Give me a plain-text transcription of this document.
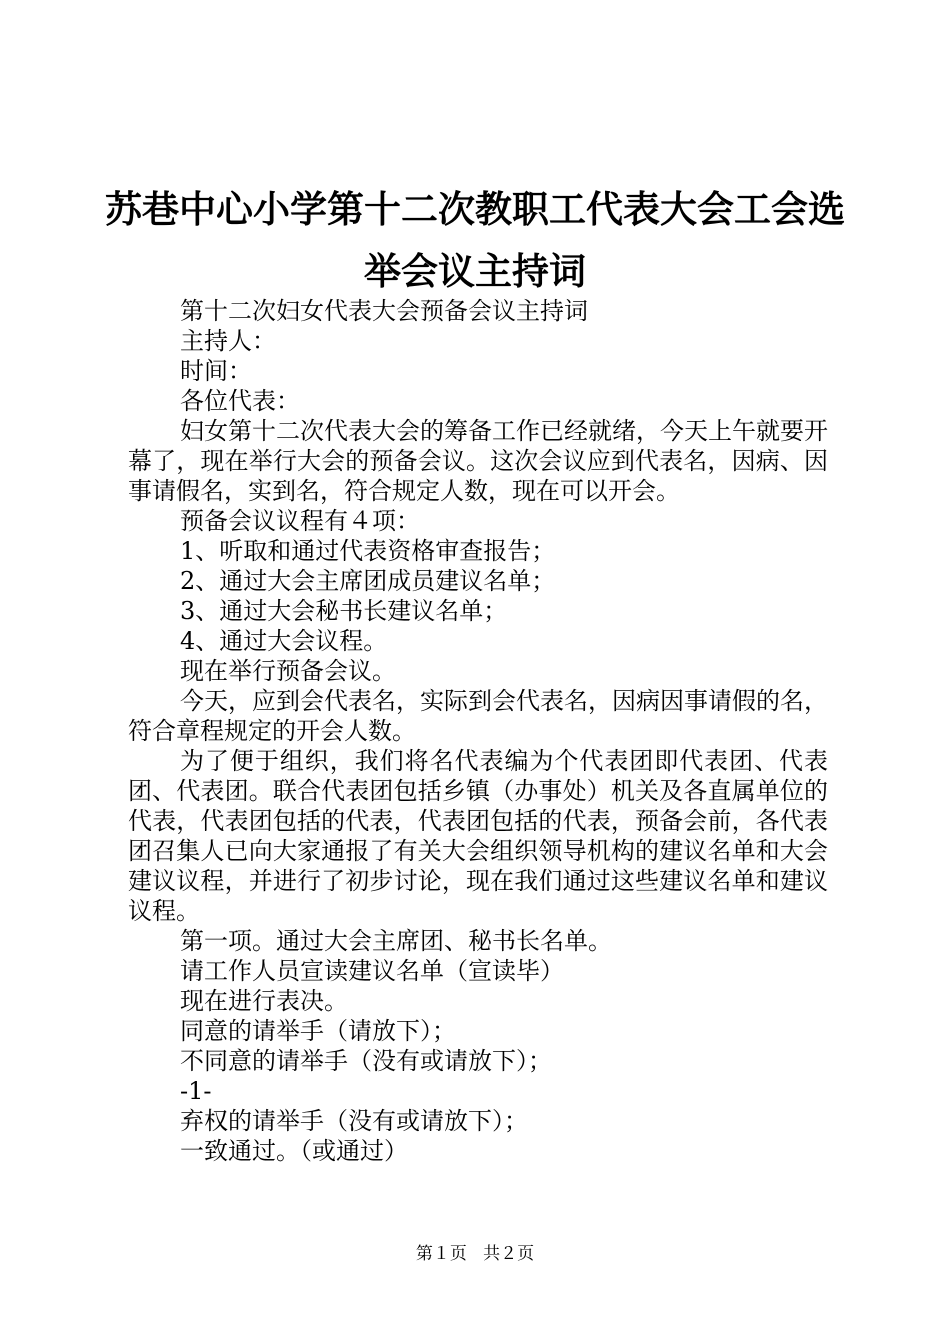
苏巷中心小学第十二次教职工代表大会工会选
举会议主持词

第十二次妇女代表大会预备会议主持词

主持人：

时间：

各位代表：

妇女第十二次代表大会的筹备工作已经就绪，今天上午就要开幕了，现在举行大会的预备会议。这次会议应到代表名，因病、因事请假名，实到名，符合规定人数，现在可以开会。

预备会议议程有４项：

1、听取和通过代表资格审查报告；

2、通过大会主席团成员建议名单；

3、通过大会秘书长建议名单；

4、通过大会议程。

现在举行预备会议。

今天，应到会代表名，实际到会代表名，因病因事请假的名，符合章程规定的开会人数。

为了便于组织，我们将名代表编为个代表团即代表团、代表团、代表团。联合代表团包括乡镇（办事处）机关及各直属单位的代表，代表团包括的代表，代表团包括的代表，预备会前，各代表团召集人已向大家通报了有关大会组织领导机构的建议名单和大会建议议程，并进行了初步讨论，现在我们通过这些建议名单和建议议程。

第一项。通过大会主席团、秘书长名单。

请工作人员宣读建议名单（宣读毕）

现在进行表决。

同意的请举手（请放下）；

不同意的请举手（没有或请放下）；

-1-

弃权的请举手（没有或请放下）；

一致通过。（或通过）

第１页 共２页
